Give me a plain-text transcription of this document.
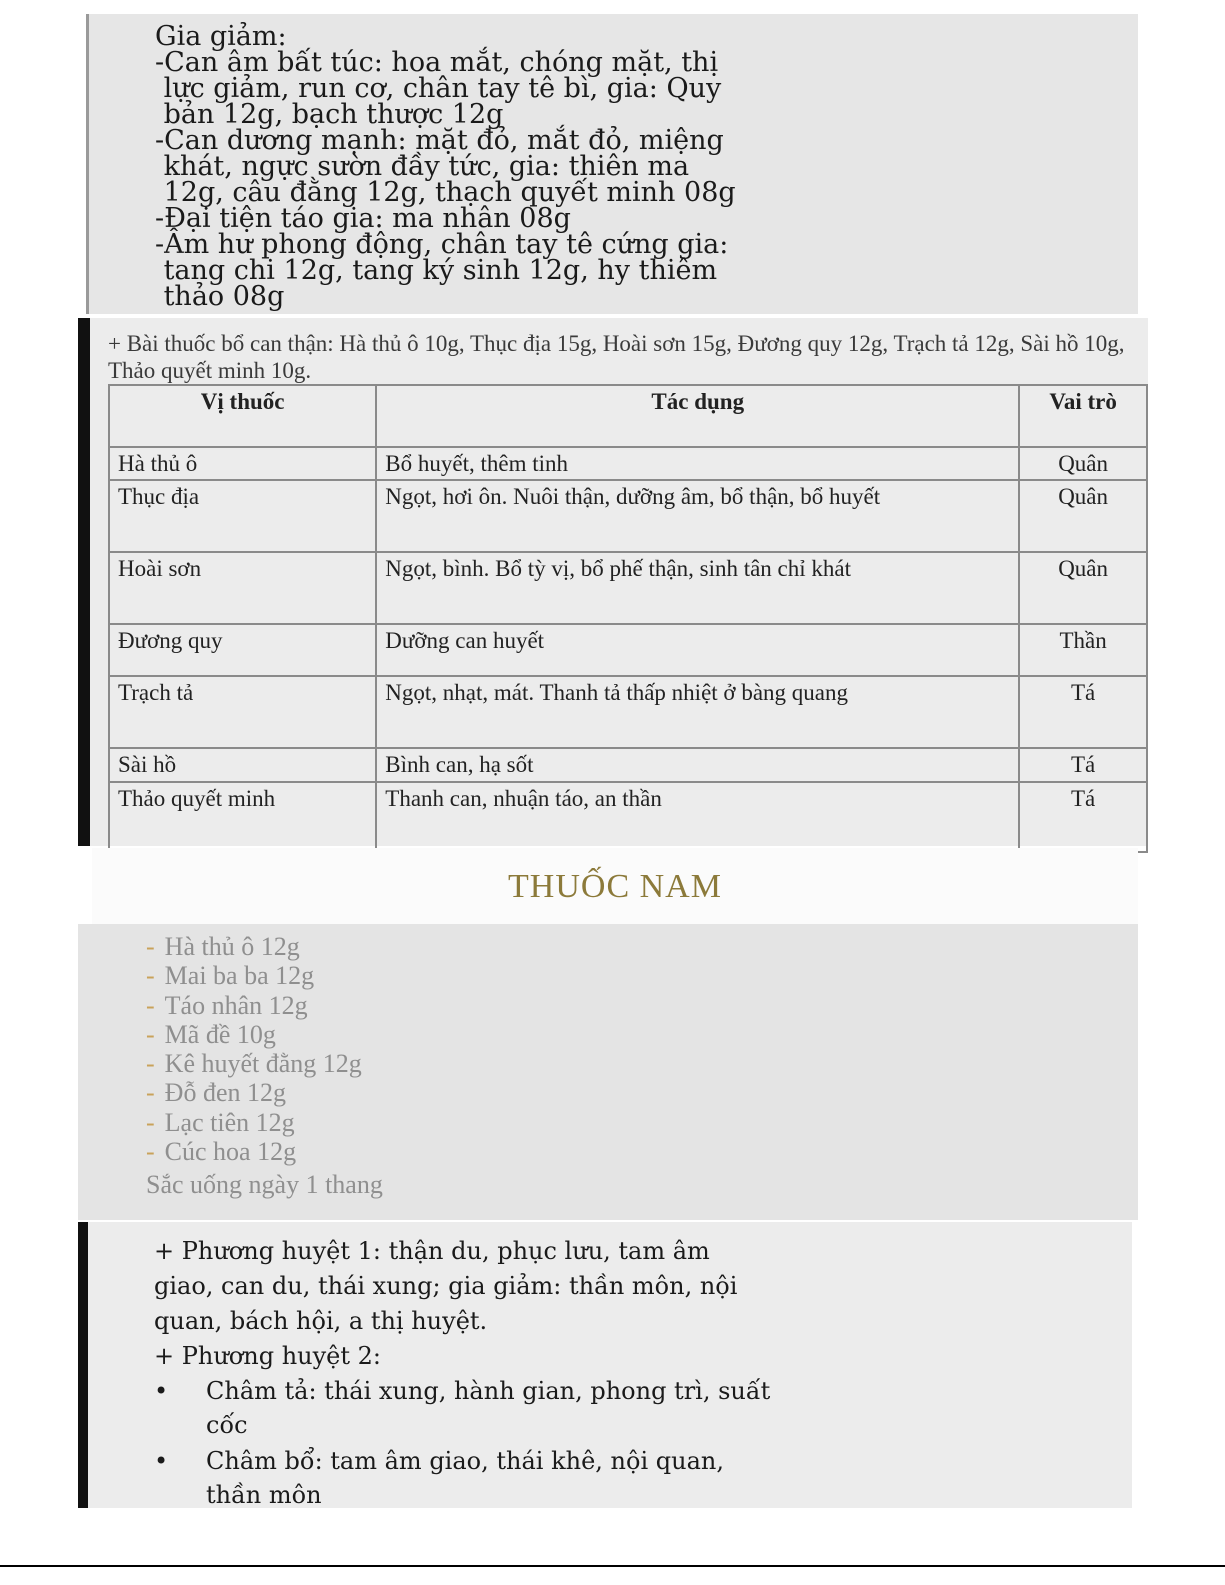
Gia giảm:
-Can âm bất túc: hoa mắt, chóng mặt, thị
lực giảm, run cơ, chân tay tê bì, gia: Quy
bản 12g, bạch thược 12g
-Can dương mạnh: mặt đỏ, mắt đỏ, miệng
khát, ngực sườn đầy tức, gia: thiên ma
12g, câu đằng 12g, thạch quyết minh 08g
-Đại tiện táo gia: ma nhân 08g
-Âm hư phong động, chân tay tê cứng gia:
tang chi 12g, tang ký sinh 12g, hy thiêm
thảo 08g
+ Bài thuốc bổ can thận: Hà thủ ô 10g, Thục địa 15g, Hoài sơn 15g, Đương quy 12g, Trạch tả 12g, Sài hồ 10g, Thảo quyết minh 10g.
Vị thuốc	Tác dụng	Vai trò
Hà thủ ô	Bổ huyết, thêm tinh	Quân
Thục địa	Ngọt, hơi ôn. Nuôi thận, dưỡng âm, bổ thận, bổ huyết	Quân
Hoài sơn	Ngọt, bình. Bổ tỳ vị, bổ phế thận, sinh tân chỉ khát	Quân
Đương quy	Dưỡng can huyết	Thần
Trạch tả	Ngọt, nhạt, mát. Thanh tả thấp nhiệt ở bàng quang	Tá
Sài hồ	Bình can, hạ sốt	Tá
Thảo quyết minh	Thanh can, nhuận táo, an thần	Tá
THUỐC NAM
- Hà thủ ô 12g
- Mai ba ba 12g
- Táo nhân 12g
- Mã đề 10g
- Kê huyết đằng 12g
- Đỗ đen 12g
- Lạc tiên 12g
- Cúc hoa 12g
Sắc uống ngày 1 thang
+ Phương huyệt 1: thận du, phục lưu, tam âm
giao, can du, thái xung; gia giảm: thần môn, nội
quan, bách hội, a thị huyệt.
+ Phương huyệt 2:
• Châm tả: thái xung, hành gian, phong trì, suất
cốc
• Châm bổ: tam âm giao, thái khê, nội quan,
thần môn
